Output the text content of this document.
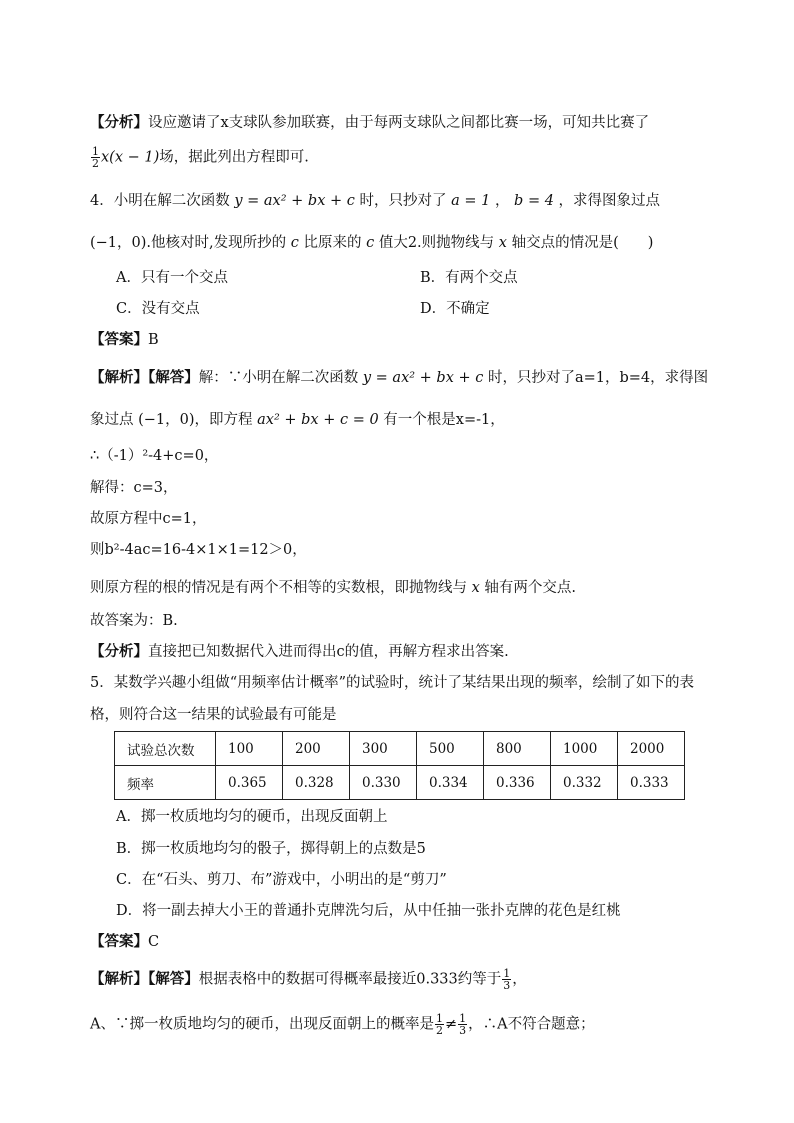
【分析】设应邀请了x支球队参加联赛，由于每两支球队之间都比赛一场，可知共比赛了
$\frac{1}{2} x(x - 1)$场，据此列出方程即可.
4．小明在解二次函数 y = ax² + bx + c 时，只抄对了 a = 1 ， b = 4 ，求得图象过点
(−1，0).他核对时,发现所抄的 c 比原来的 c 值大2.则抛物线与 x 轴交点的情况是(　　)
A．只有一个交点	B．有两个交点
C．没有交点	D．不确定
【答案】B
【解析】【解答】解：∵小明在解二次函数 y = ax² + bx + c 时，只抄对了a=1，b=4，求得图
象过点 (−1，0)，即方程 ax² + bx + c = 0 有一个根是x=-1，
∴（-1）²-4+c=0，
解得：c=3，
故原方程中c=1，
则b²-4ac=16-4×1×1=12＞0，
则原方程的根的情况是有两个不相等的实数根，即抛物线与 x 轴有两个交点.
故答案为：B.
【分析】直接把已知数据代入进而得出c的值，再解方程求出答案.
5．某数学兴趣小组做“用频率估计概率”的试验时，统计了某结果出现的频率，绘制了如下的表
格，则符合这一结果的试验最有可能是
试验总次数	100	200	300	500	800	1000	2000
频率	0.365	0.328	0.330	0.334	0.336	0.332	0.333
A．掷一枚质地均匀的硬币，出现反面朝上
B．掷一枚质地均匀的骰子，掷得朝上的点数是5
C．在“石头、剪刀、布”游戏中，小明出的是“剪刀”
D．将一副去掉大小王的普通扑克牌洗匀后，从中任抽一张扑克牌的花色是红桃
【答案】C
【解析】【解答】根据表格中的数据可得概率最接近0.333约等于 $\frac{1}{3}$ ，
A、∵掷一枚质地均匀的硬币，出现反面朝上的概率是 $\frac{1}{2} \ne \frac{1}{3}$ ，∴A不符合题意；
